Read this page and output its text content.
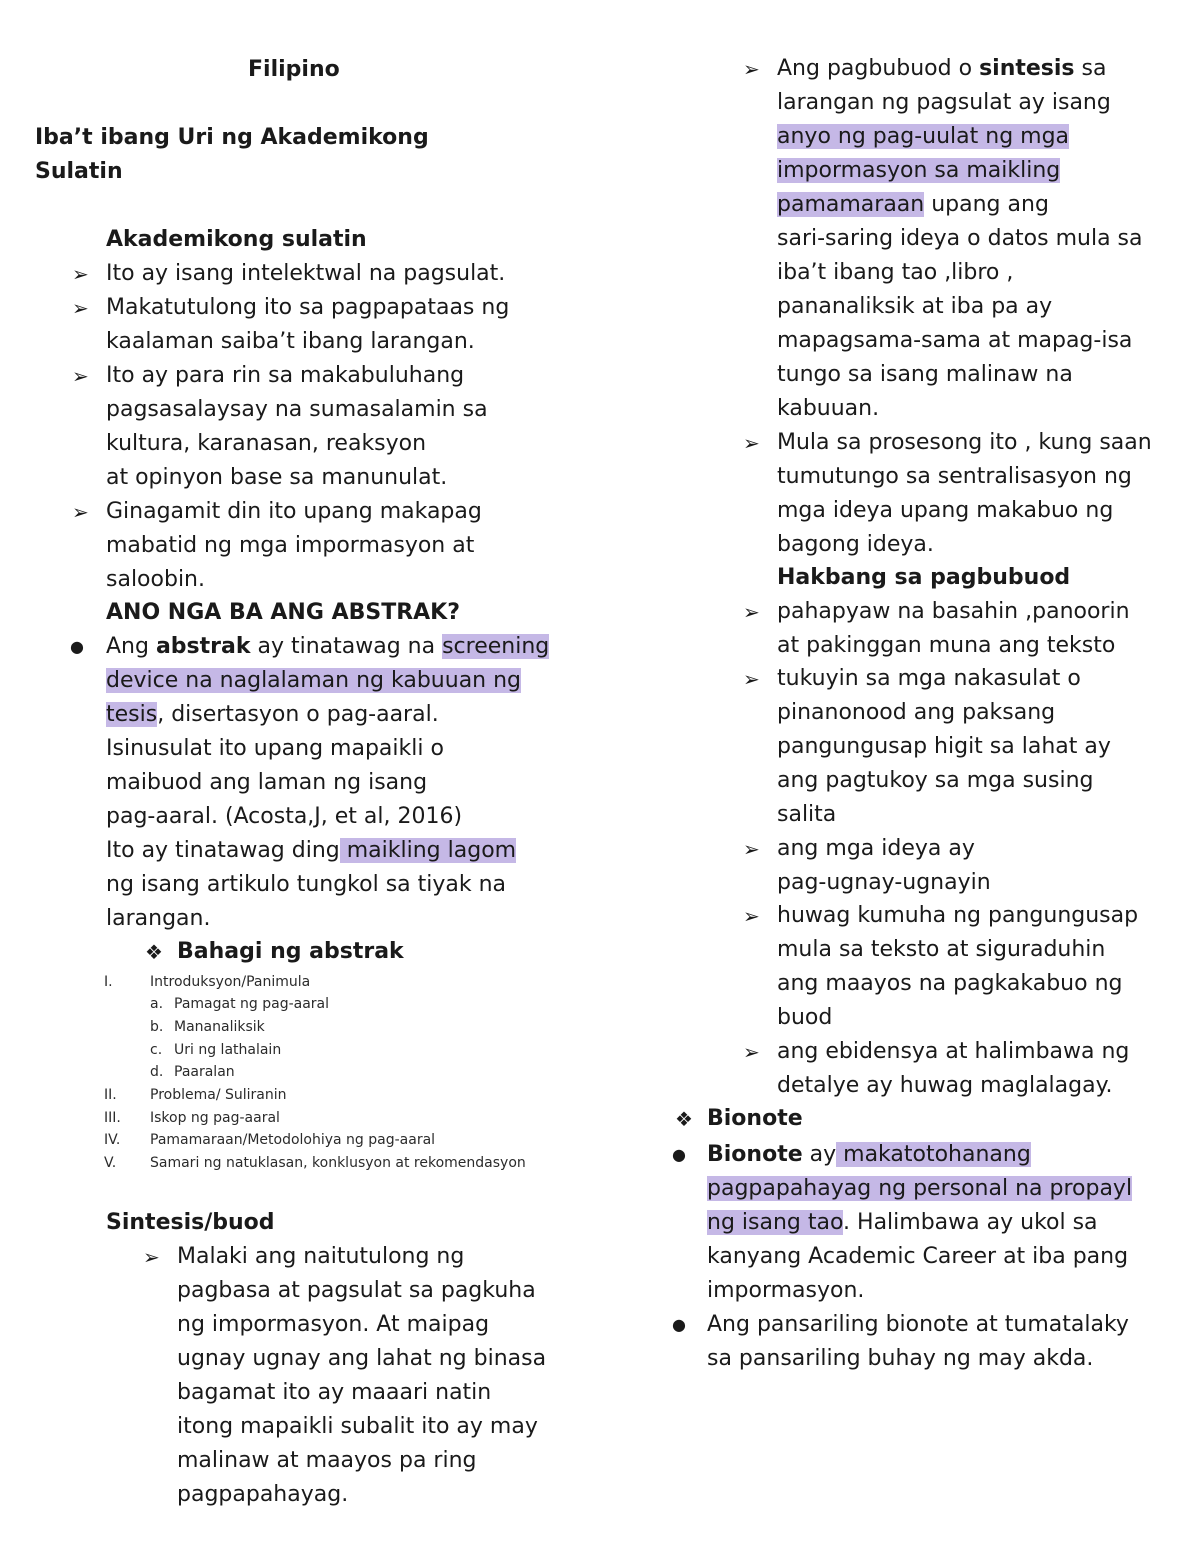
Filipino
Iba’t ibang Uri ng Akademikong
Sulatin
Akademikong sulatin
➢ Ito ay isang intelektwal na pagsulat.
➢ Makatutulong ito sa pagpapataas ng
kaalaman saiba’t ibang larangan.
➢ Ito ay para rin sa makabuluhang
pagsasalaysay na sumasalamin sa
kultura, karanasan, reaksyon
at opinyon base sa manunulat.
➢ Ginagamit din ito upang makapag
mabatid ng mga impormasyon at
saloobin.
ANO NGA BA ANG ABSTRAK?
● Ang abstrak ay tinatawag na screening
device na naglalaman ng kabuuan ng
tesis, disertasyon o pag-aaral.
Isinusulat ito upang mapaikli o
maibuod ang laman ng isang
pag-aaral. (Acosta,J, et al, 2016)
Ito ay tinatawag ding maikling lagom
ng isang artikulo tungkol sa tiyak na
larangan.
❖ Bahagi ng abstrak
I.	Introduksyon/Panimula
a. Pamagat ng pag-aaral
b. Mananaliksik
c. Uri ng lathalain
d. Paaralan
II. Problema/ Suliranin
III. Iskop ng pag-aaral
IV. Pamamaraan/Metodolohiya ng pag-aaral
V. Samari ng natuklasan, konklusyon at rekomendasyon
Sintesis/buod
➢ Malaki ang naitutulong ng
pagbasa at pagsulat sa pagkuha
ng impormasyon. At maipag
ugnay ugnay ang lahat ng binasa
bagamat ito ay maaari natin
itong mapaikli subalit ito ay may
malinaw at maayos pa ring
pagpapahayag.
➢ Ang pagbubuod o sintesis sa
larangan ng pagsulat ay isang
anyo ng pag-uulat ng mga
impormasyon sa maikling
pamamaraan upang ang
sari-saring ideya o datos mula sa
iba’t ibang tao ,libro ,
pananaliksik at iba pa ay
mapagsama-sama at mapag-isa
tungo sa isang malinaw na
kabuuan.
➢ Mula sa prosesong ito , kung saan
tumutungo sa sentralisasyon ng
mga ideya upang makabuo ng
bagong ideya.
Hakbang sa pagbubuod
➢ pahapyaw na basahin ,panoorin
at pakinggan muna ang teksto
➢ tukuyin sa mga nakasulat o
pinanonood ang paksang
pangungusap higit sa lahat ay
ang pagtukoy sa mga susing
salita
➢ ang mga ideya ay
pag-ugnay-ugnayin
➢ huwag kumuha ng pangungusap
mula sa teksto at siguraduhin
ang maayos na pagkakabuo ng
buod
➢ ang ebidensya at halimbawa ng
detalye ay huwag maglalagay.
❖ Bionote
● Bionote ay makatotohanang
pagpapahayag ng personal na propayl
ng isang tao. Halimbawa ay ukol sa
kanyang Academic Career at iba pang
impormasyon.
● Ang pansariling bionote at tumatalaky
sa pansariling buhay ng may akda.
